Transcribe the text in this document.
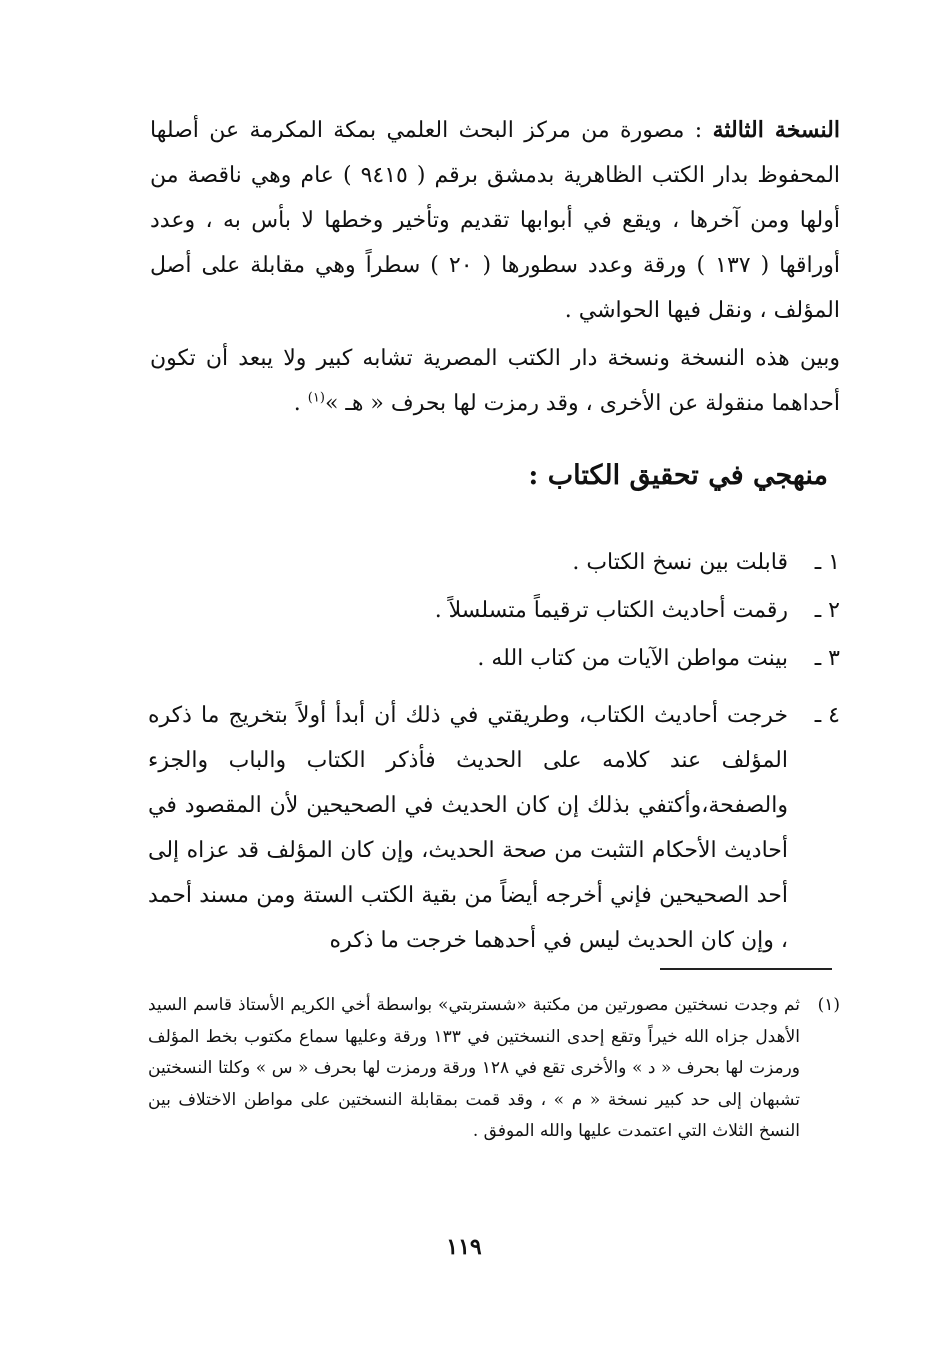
النسخة الثالثة : مصورة من مركز البحث العلمي بمكة المكرمة عن أصلها المحفوظ بدار الكتب الظاهرية بدمشق برقم ( ٩٤١٥ ) عام وهي ناقصة من أولها ومن آخرها ، ويقع في أبوابها تقديم وتأخير وخطها لا بأس به ، وعدد أوراقها ( ١٣٧ ) ورقة وعدد سطورها ( ٢٠ ) سطراً وهي مقابلة على أصل المؤلف ، ونقل فيها الحواشي .

وبين هذه النسخة ونسخة دار الكتب المصرية تشابه كبير ولا يبعد أن تكون أحداهما منقولة عن الأخرى ، وقد رمزت لها بحرف « هـ »$^{(١)}$ .

منهجي في تحقيق الكتاب :
١ ـ
قابلت بين نسخ الكتاب .
٢ ـ
رقمت أحاديث الكتاب ترقيماً متسلسلاً .
٣ ـ
بينت مواطن الآيات من كتاب الله .
٤ ـ
خرجت أحاديث الكتاب، وطريقتي في ذلك أن أبدأ أولاً بتخريج ما ذكره المؤلف عند كلامه على الحديث فأذكر الكتاب والباب والجزء والصفحة،وأكتفي بذلك إن كان الحديث في الصحيحين لأن المقصود في أحاديث الأحكام التثبت من صحة الحديث، وإن كان المؤلف قد عزاه إلى أحد الصحيحين فإني أخرجه أيضاً من بقية الكتب الستة ومن مسند أحمد ، وإن كان الحديث ليس في أحدهما خرجت ما ذكره
(١)
ثم وجدت نسختين مصورتين من مكتبة «شستربتي» بواسطة أخي الكريم الأستاذ قاسم السيد الأهدل جزاه الله خيراً وتقع إحدى النسختين في ١٣٣ ورقة وعليها سماع مكتوب بخط المؤلف ورمزت لها بحرف « د » والأخرى تقع في ١٢٨ ورقة ورمزت لها بحرف « س » وكلتا النسختين تشبهان إلى حد كبير نسخة « م » ، وقد قمت بمقابلة النسختين على مواطن الاختلاف بين النسخ الثلاث التي اعتمدت عليها والله الموفق .
١١٩
